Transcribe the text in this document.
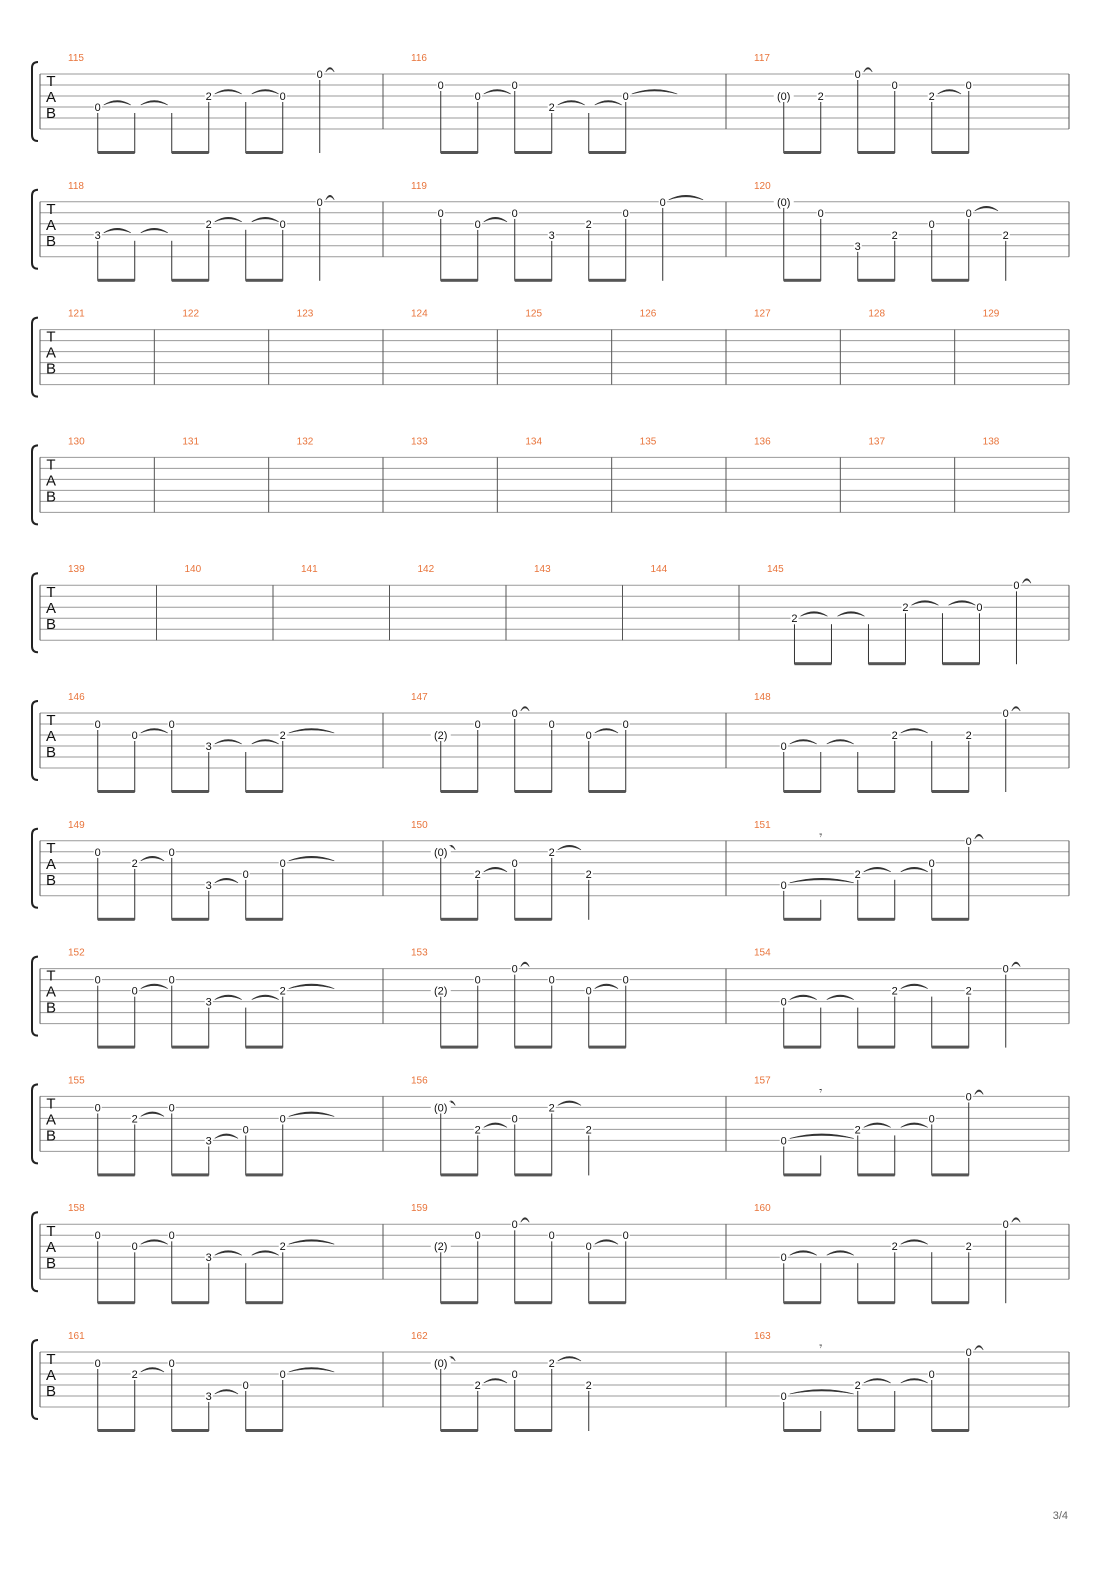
T
A
B
115
0
2	0
0
116
0
0
0
2
0
117
(0) 2
0
0
2
0
T
A
B
118
3
2	0
0
119
0
0
0
3
2
0
0
120
(0)
0
3
2
0
0
2
T
A
B
121	122	123	124	125	126	127	128	129
T
A
B
130	131	132	133	134	135	136	137	138
T
A
B
139	140	141	142	143	144	145
2
2	0
0
T
A
B
146
0
0
0
3
2
147
(2)
0
0
0
0
0
148
0
2	2
0
T
A
B
149
0
2
0
3
0
0
150
(0)
2
0
2
2
151
𝄾
0
2
0
0
T
A
B
152
0
0
0
3
2
153
(2)
0
0
0
0
0
154
0
2	2
0
T
A
B
155
0
2
0
3
0
0
156
(0)
2
0
2
2
157
𝄾
0
2
0
0
T
A
B
158
0
0
0
3
2
159
(2)
0
0
0
0
0
160
0
2	2
0
T
A
B
161
0
2
0
3
0
0
162
(0)
2
0
2
2
163
𝄾
0
2
0
0
3/4
